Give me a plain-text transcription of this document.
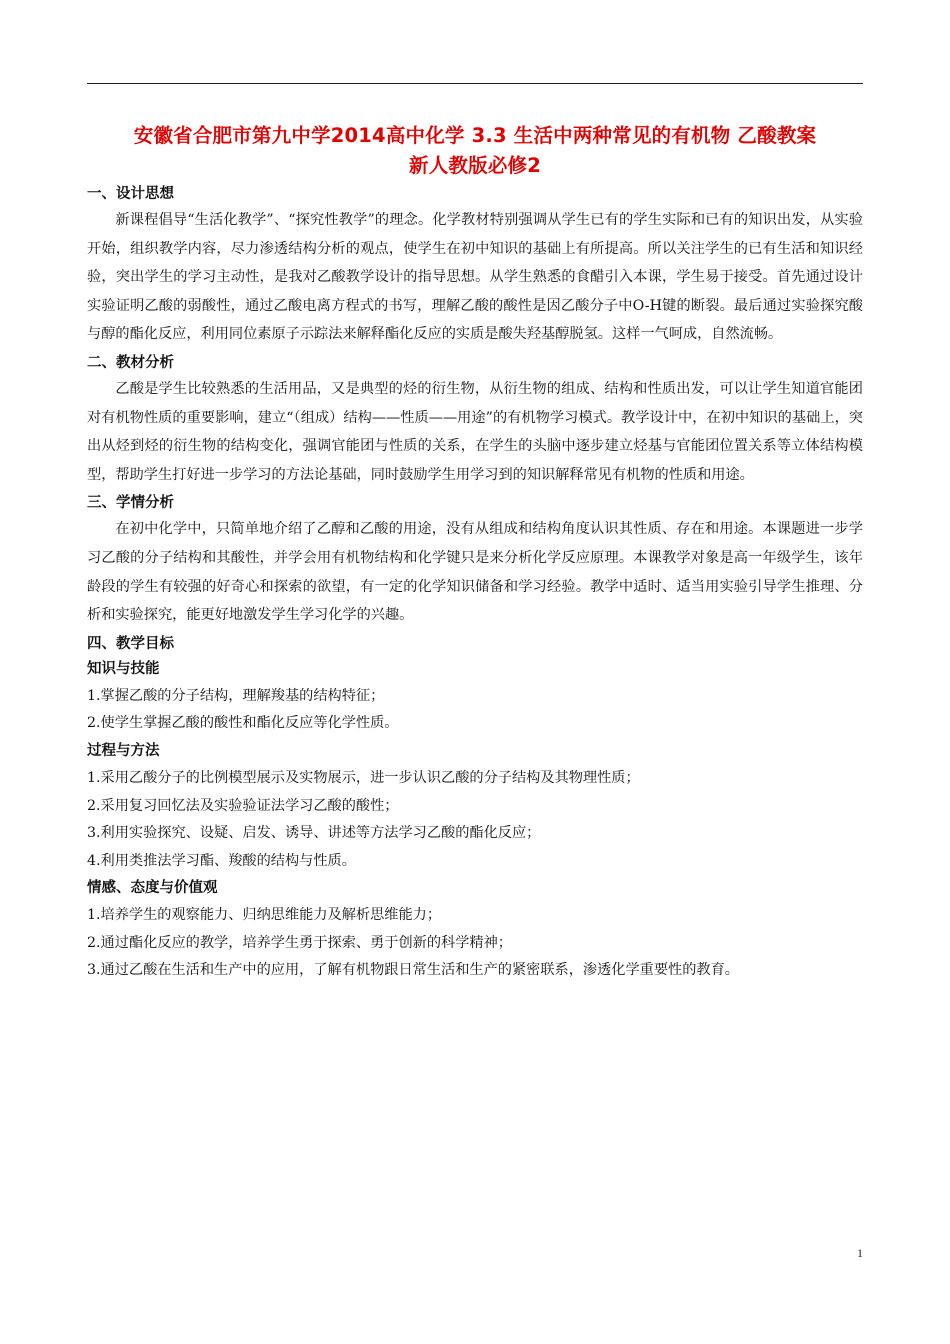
安徽省合肥市第九中学2014高中化学 3.3 生活中两种常见的有机物 乙酸教案
新人教版必修2
一、设计思想

新课程倡导“生活化教学”、“探究性教学”的理念。化学教材特别强调从学生已有的学生实际和已有的知识出发，从实验开始，组织教学内容，尽力渗透结构分析的观点，使学生在初中知识的基础上有所提高。所以关注学生的已有生活和知识经验，突出学生的学习主动性，是我对乙酸教学设计的指导思想。从学生熟悉的食醋引入本课，学生易于接受。首先通过设计实验证明乙酸的弱酸性，通过乙酸电离方程式的书写，理解乙酸的酸性是因乙酸分子中O-H键的断裂。最后通过实验探究酸与醇的酯化反应，利用同位素原子示踪法来解释酯化反应的实质是酸失羟基醇脱氢。这样一气呵成，自然流畅。

二、教材分析

乙酸是学生比较熟悉的生活用品，又是典型的烃的衍生物，从衍生物的组成、结构和性质出发，可以让学生知道官能团对有机物性质的重要影响，建立“（组成）结构——性质——用途”的有机物学习模式。教学设计中，在初中知识的基础上，突出从烃到烃的衍生物的结构变化，强调官能团与性质的关系，在学生的头脑中逐步建立烃基与官能团位置关系等立体结构模型，帮助学生打好进一步学习的方法论基础，同时鼓励学生用学习到的知识解释常见有机物的性质和用途。

三、学情分析

在初中化学中，只简单地介绍了乙醇和乙酸的用途，没有从组成和结构角度认识其性质、存在和用途。本课题进一步学习乙酸的分子结构和其酸性，并学会用有机物结构和化学键只是来分析化学反应原理。本课教学对象是高一年级学生，该年龄段的学生有较强的好奇心和探索的欲望，有一定的化学知识储备和学习经验。教学中适时、适当用实验引导学生推理、分析和实验探究，能更好地激发学生学习化学的兴趣。

四、教学目标
知识与技能
1.掌握乙酸的分子结构，理解羧基的结构特征；
2.使学生掌握乙酸的酸性和酯化反应等化学性质。
过程与方法
1.采用乙酸分子的比例模型展示及实物展示，进一步认识乙酸的分子结构及其物理性质；
2.采用复习回忆法及实验验证法学习乙酸的酸性；
3.利用实验探究、设疑、启发、诱导、讲述等方法学习乙酸的酯化反应；
4.利用类推法学习酯、羧酸的结构与性质。
情感、态度与价值观
1.培养学生的观察能力、归纳思维能力及解析思维能力；
2.通过酯化反应的教学，培养学生勇于探索、勇于创新的科学精神；
3.通过乙酸在生活和生产中的应用，了解有机物跟日常生活和生产的紧密联系，渗透化学重要性的教育。
1
